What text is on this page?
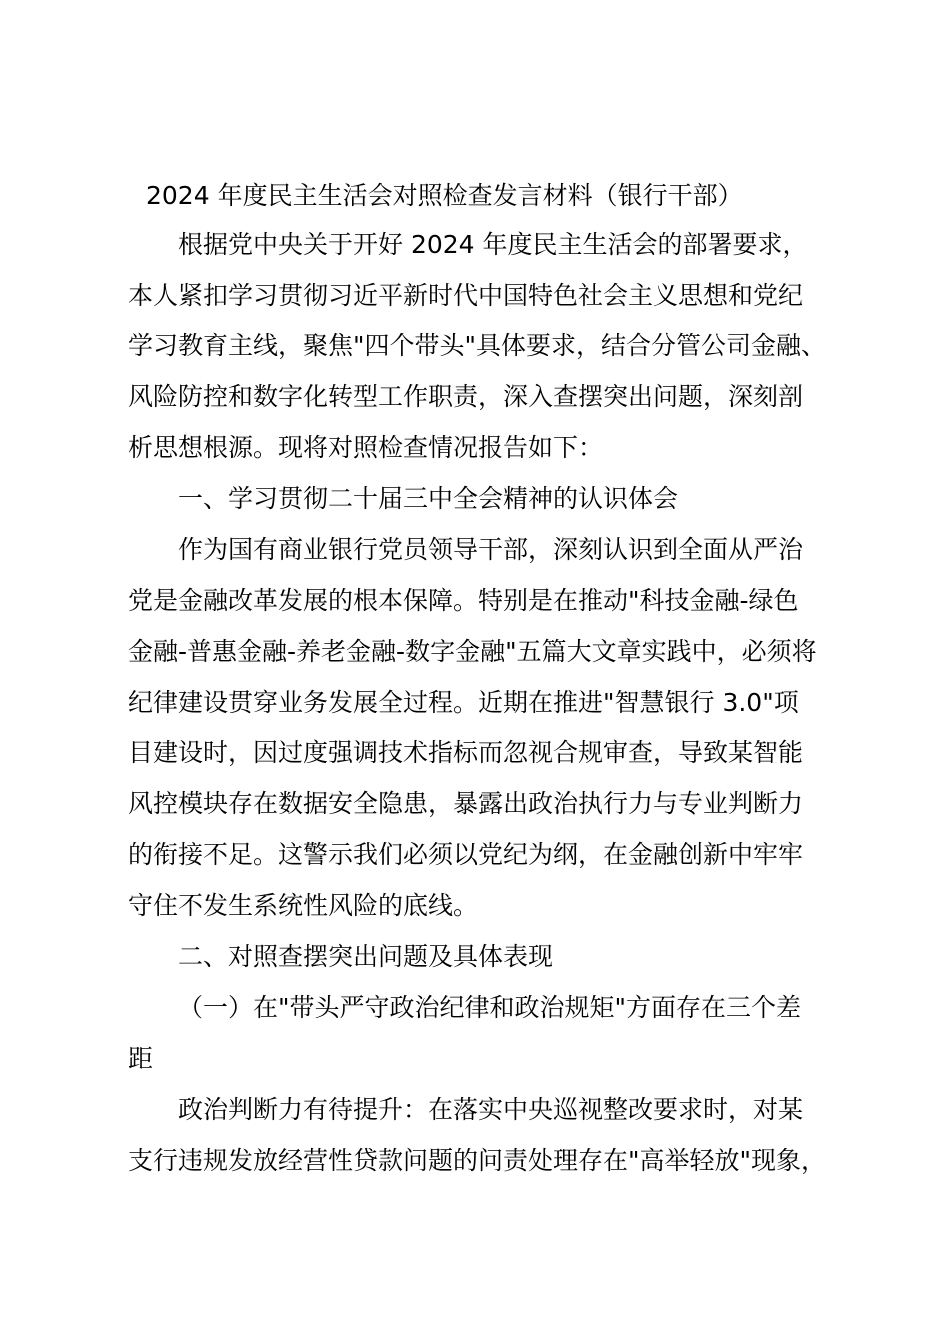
2024 年度民主生活会对照检查发言材料（银行干部）
根据党中央关于开好 2024 年度民主生活会的部署要求，
本人紧扣学习贯彻习近平新时代中国特色社会主义思想和党纪
学习教育主线，聚焦"四个带头"具体要求，结合分管公司金融、
风险防控和数字化转型工作职责，深入查摆突出问题，深刻剖
析思想根源。现将对照检查情况报告如下：
一、学习贯彻二十届三中全会精神的认识体会
作为国有商业银行党员领导干部，深刻认识到全面从严治
党是金融改革发展的根本保障。特别是在推动"科技金融-绿色
金融-普惠金融-养老金融-数字金融"五篇大文章实践中，必须将
纪律建设贯穿业务发展全过程。近期在推进"智慧银行 3.0"项
目建设时，因过度强调技术指标而忽视合规审查，导致某智能
风控模块存在数据安全隐患，暴露出政治执行力与专业判断力
的衔接不足。这警示我们必须以党纪为纲，在金融创新中牢牢
守住不发生系统性风险的底线。
二、对照查摆突出问题及具体表现
（一）在"带头严守政治纪律和政治规矩"方面存在三个差
距
政治判断力有待提升：在落实中央巡视整改要求时，对某
支行违规发放经营性贷款问题的问责处理存在"高举轻放"现象，
